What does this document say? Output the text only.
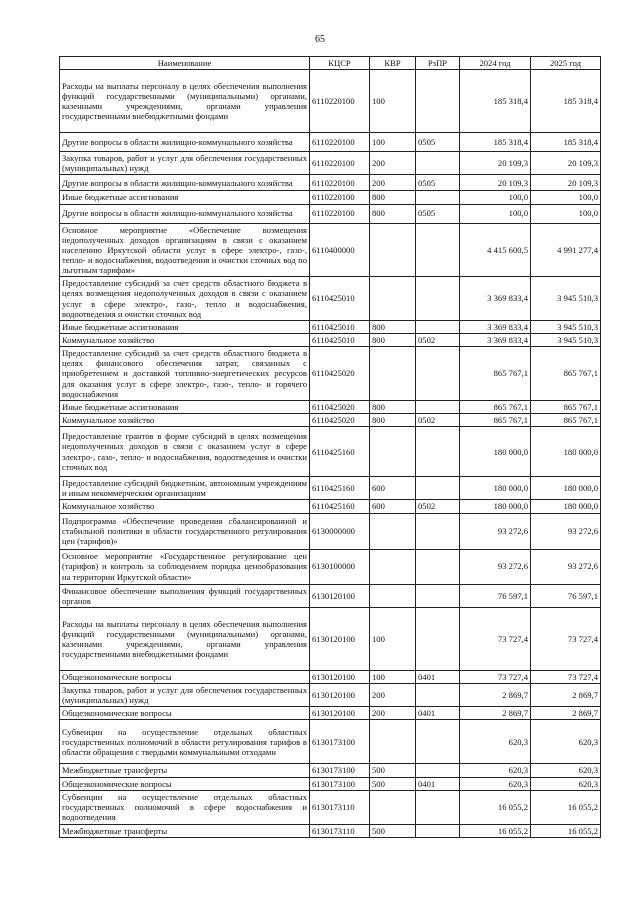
65
Наименование	КЦСР	КВР	РзПР	2024 год	2025 год
Расходы на выплаты персоналу в целях обеспечения выполнения функций государственными (муниципальными) органами, казенными учреждениями, органами управления государственными внебюджетными фондами	6110220100	100		185 318,4	185 318,4
Другие вопросы в области жилищно-коммунального хозяйства	6110220100	100	0505	185 318,4	185 318,4
Закупка товаров, работ и услуг для обеспечения государственных (муниципальных) нужд	6110220100	200		20 109,3	20 109,3
Другие вопросы в области жилищно-коммунального хозяйства	6110220100	200	0505	20 109,3	20 109,3
Иные бюджетные ассигнования	6110220100	800		100,0	100,0
Другие вопросы в области жилищно-коммунального хозяйства	6110220100	800	0505	100,0	100,0
Основное мероприятие «Обеспечение возмещения недополученных доходов организациям в связи с оказанием населению Иркутской области услуг в сфере электро-, газо-, тепло- и водоснабжения, водоотведения и очистки сточных вод по льготным тарифам»	6110400000			4 415 600,5	4 991 277,4
Предоставление субсидий за счет средств областного бюджета в целях возмещения недополученных доходов в связи с оказанием услуг в сфере электро-, газо-, тепло и водоснабжения, водоотведения и очистки сточных вод	6110425010			3 369 833,4	3 945 510,3
Иные бюджетные ассигнования	6110425010	800		3 369 833,4	3 945 510,3
Коммунальное хозяйство	6110425010	800	0502	3 369 833,4	3 945 510,3
Предоставление субсидий за счет средств областного бюджета в целях финансового обеспечения затрат, связанных с приобретением и доставкой топливно-энергетических ресурсов для оказания услуг в сфере электро-, газо-, тепло- и горячего водоснабжения	6110425020			865 767,1	865 767,1
Иные бюджетные ассигнования	6110425020	800		865 767,1	865 767,1
Коммунальное хозяйство	6110425020	800	0502	865 767,1	865 767,1
Предоставление грантов в форме субсидий в целях возмещения недополученных доходов в связи с оказанием услуг в сфере электро-, газо-, тепло- и водоснабжения, водоотведения и очистки сточных вод	6110425160			180 000,0	180 000,0
Предоставление субсидий бюджетным, автономным учреждениям и иным некоммерческим организациям	6110425160	600		180 000,0	180 000,0
Коммунальное хозяйство	6110425160	600	0502	180 000,0	180 000,0
Подпрограмма «Обеспечение проведения сбалансированной и стабильной политики в области государственного регулирования цен (тарифов)»	6130000000			93 272,6	93 272,6
Основное мероприятие «Государственное регулирование цен (тарифов) и контроль за соблюдением порядка ценообразования на территории Иркутской области»	6130100000			93 272,6	93 272,6
Финансовое обеспечение выполнения функций государственных органов	6130120100			76 597,1	76 597,1
Расходы на выплаты персоналу в целях обеспечения выполнения функций государственными (муниципальными) органами, казенными учреждениями, органами управления государственными внебюджетными фондами	6130120100	100		73 727,4	73 727,4
Общеэкономические вопросы	6130120100	100	0401	73 727,4	73 727,4
Закупка товаров, работ и услуг для обеспечения государственных (муниципальных) нужд	6130120100	200		2 869,7	2 869,7
Общеэкономические вопросы	6130120100	200	0401	2 869,7	2 869,7
Субвенции на осуществление отдельных областных государственных полномочий в области регулирования тарифов в области обращения с твердыми коммунальными отходами	6130173100			620,3	620,3
Межбюджетные трансферты	6130173100	500		620,3	620,3
Общеэкономические вопросы	6130173100	500	0401	620,3	620,3
Субвенции на осуществление отдельных областных государственных полномочий в сфере водоснабжения и водоотведения	6130173110			16 055,2	16 055,2
Межбюджетные трансферты	6130173110	500		16 055,2	16 055,2
